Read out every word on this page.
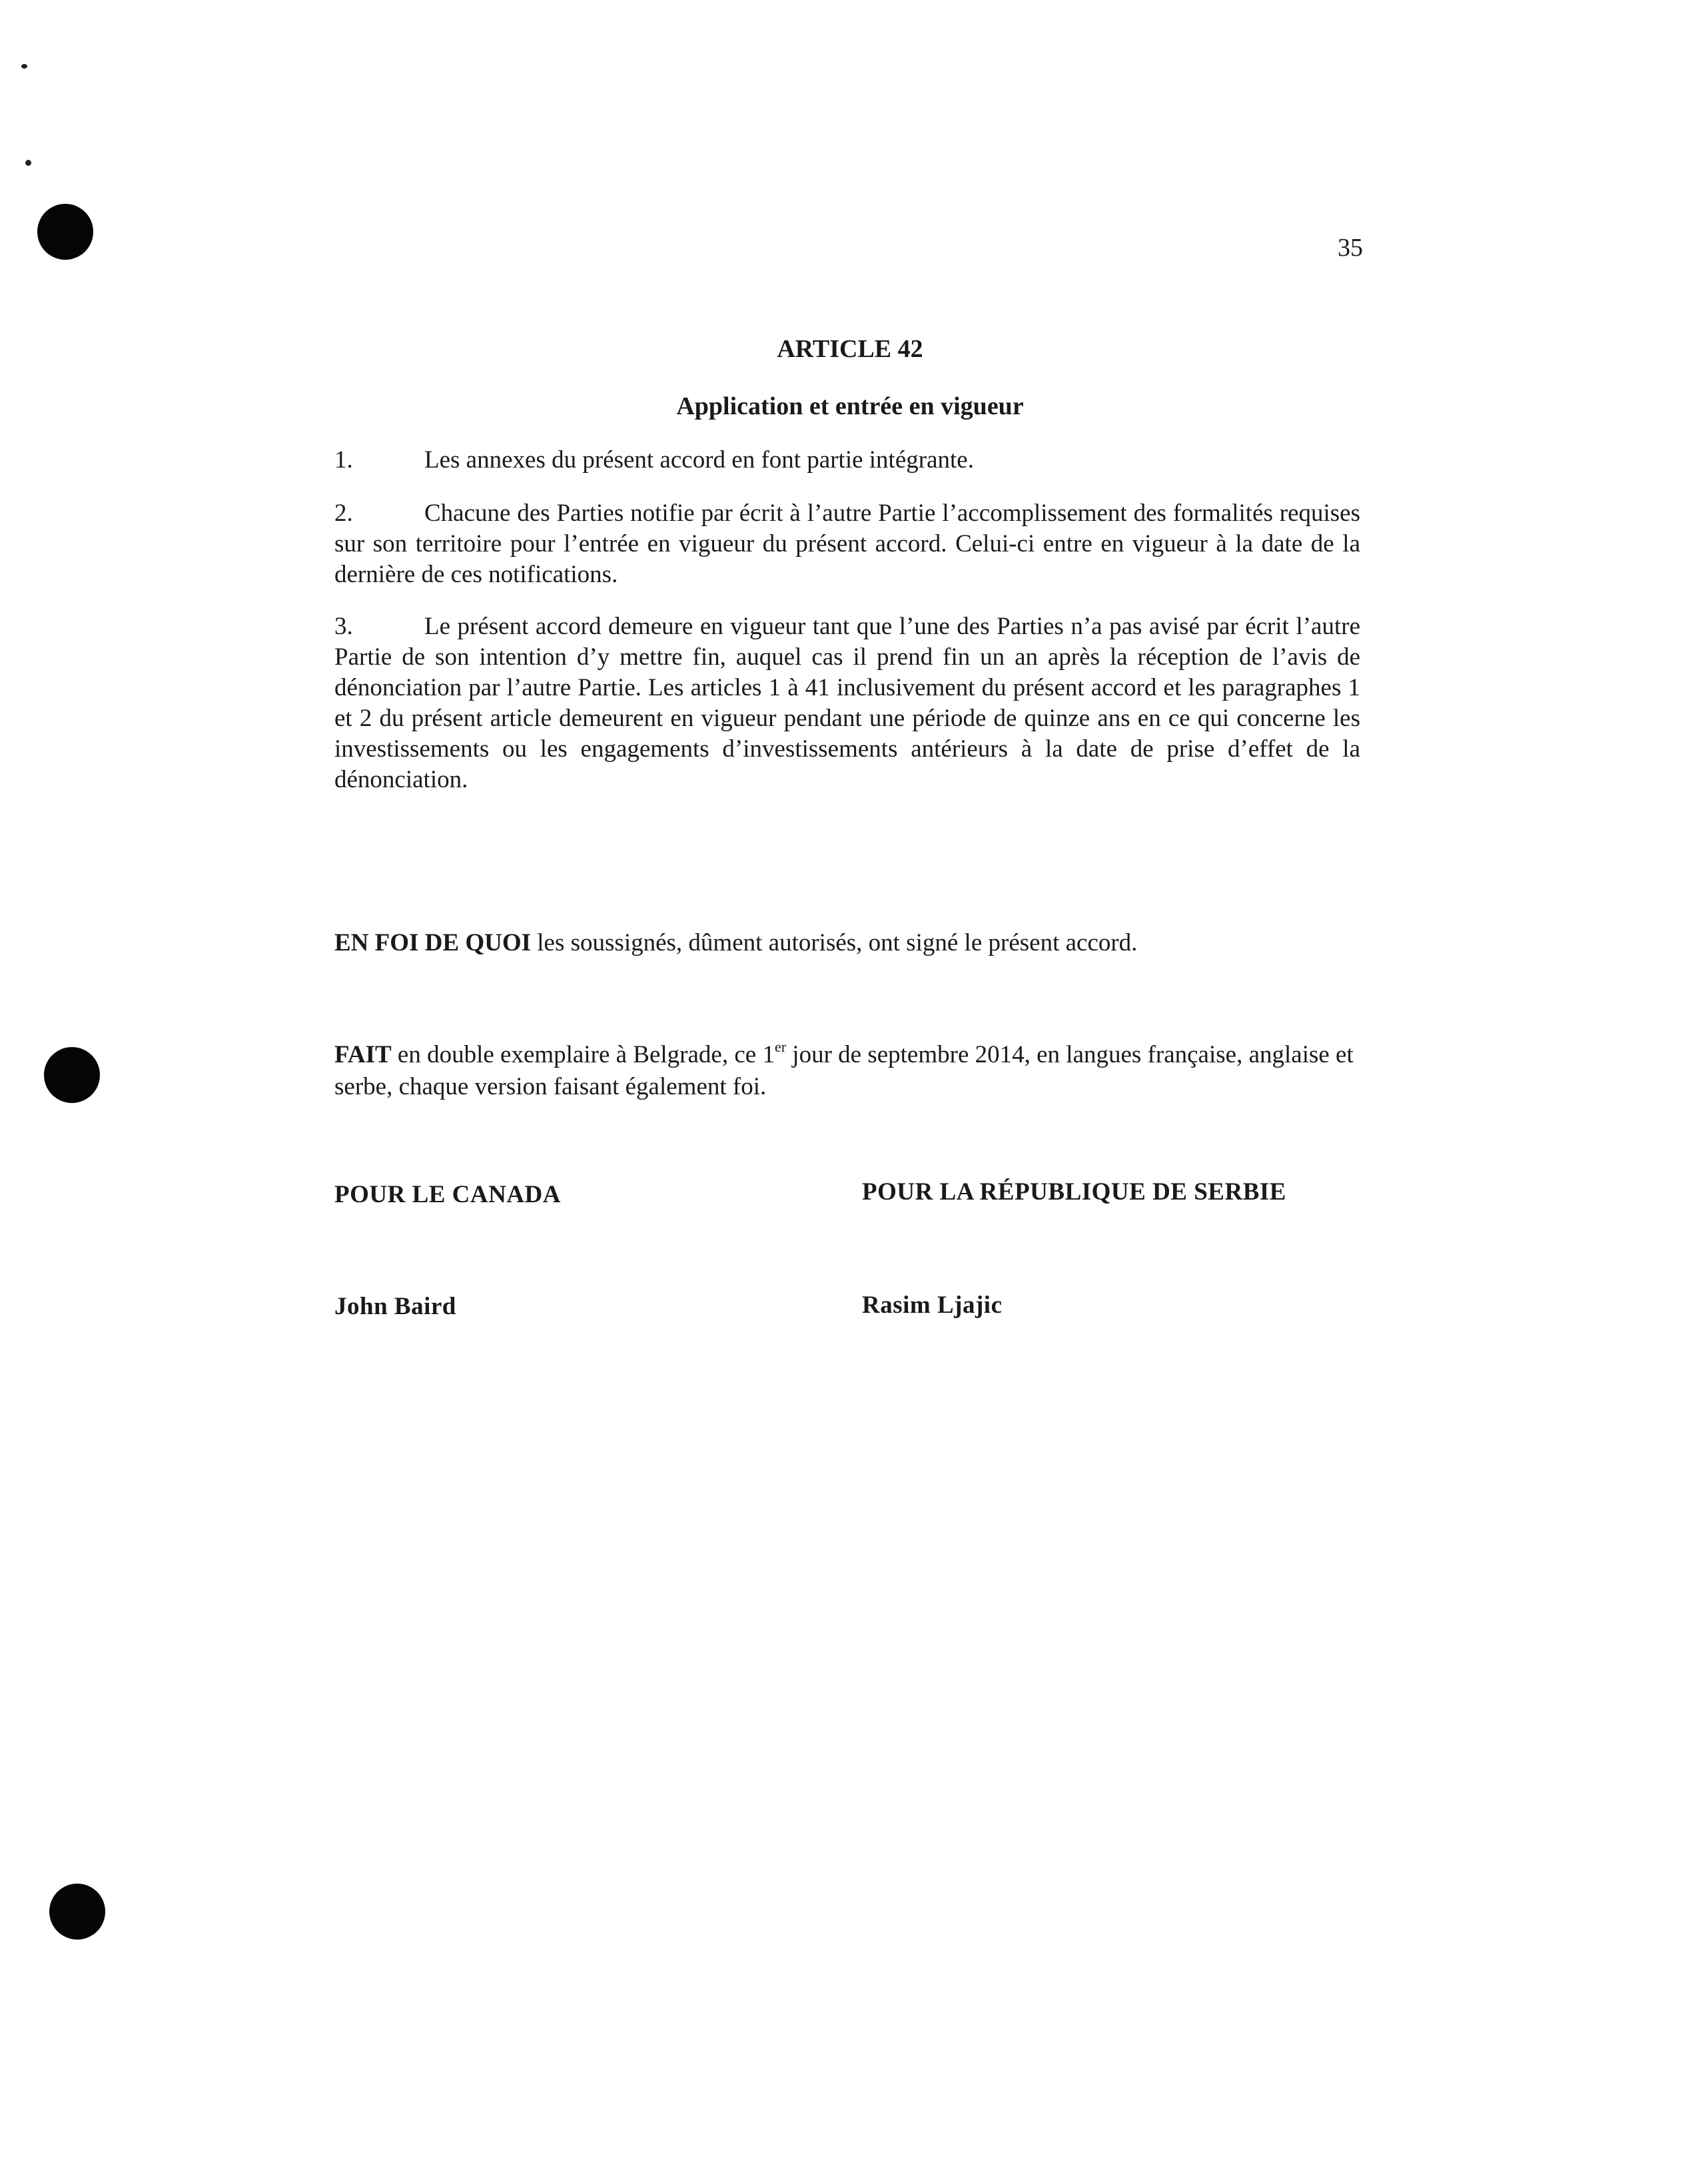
35
ARTICLE 42
Application et entrée en vigueur
1.	Les annexes du présent accord en font partie intégrante.
2.	Chacune des Parties notifie par écrit à l’autre Partie l’accomplissement des formalités requises sur son territoire pour l’entrée en vigueur du présent accord. Celui-ci entre en vigueur à la date de la dernière de ces notifications.
3.	Le présent accord demeure en vigueur tant que l’une des Parties n’a pas avisé par écrit l’autre Partie de son intention d’y mettre fin, auquel cas il prend fin un an après la réception de l’avis de dénonciation par l’autre Partie. Les articles 1 à 41 inclusivement du présent accord et les paragraphes 1 et 2 du présent article demeurent en vigueur pendant une période de quinze ans en ce qui concerne les investissements ou les engagements d’investissements antérieurs à la date de prise d’effet de la dénonciation.
EN FOI DE QUOI les soussignés, dûment autorisés, ont signé le présent accord.
FAIT en double exemplaire à Belgrade, ce 1er jour de septembre 2014, en langues française, anglaise et serbe, chaque version faisant également foi.
POUR LE CANADA	POUR LA RÉPUBLIQUE DE SERBIE
John Baird	Rasim Ljajic
